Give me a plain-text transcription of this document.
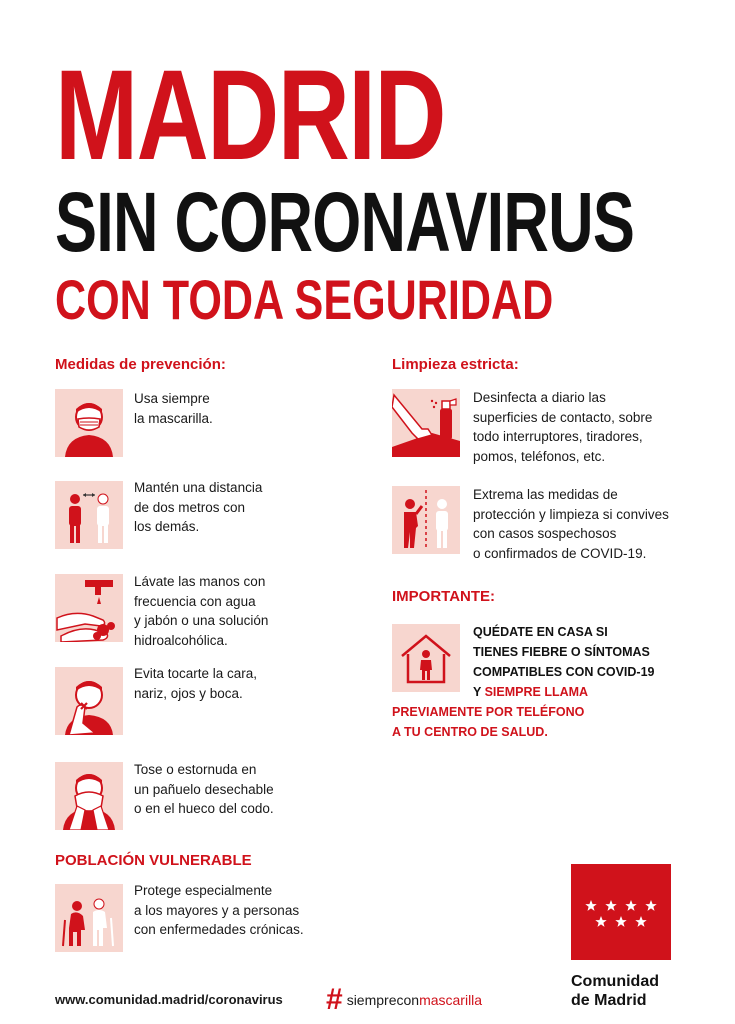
MADRID
SIN CORONAVIRUS
CON TODA SEGURIDAD
Medidas de prevención:
Usa siempre
la mascarilla.
Mantén una distancia
de dos metros con
los demás.
Lávate las manos con
frecuencia con agua
y jabón o una solución
hidroalcohólica.
Evita tocarte la cara,
nariz, ojos y boca.
Tose o estornuda en
un pañuelo desechable
o en el hueco del codo.
POBLACIÓN VULNERABLE
Protege especialmente
a los mayores y a personas
con enfermedades crónicas.
Limpieza estricta:
Desinfecta a diario las
superficies de contacto, sobre
todo interruptores, tiradores,
pomos, teléfonos, etc.
Extrema las medidas de
protección y limpieza si convives
con casos sospechosos
o confirmados de COVID-19.
IMPORTANTE:
QUÉDATE EN CASA SI
TIENES FIEBRE O SÍNTOMAS
COMPATIBLES CON COVID-19
Y SIEMPRE LLAMA
PREVIAMENTE POR TELÉFONO
A TU CENTRO DE SALUD.
Comunidad
de Madrid
www.comunidad.madrid/coronavirus # siempreconmascarilla
